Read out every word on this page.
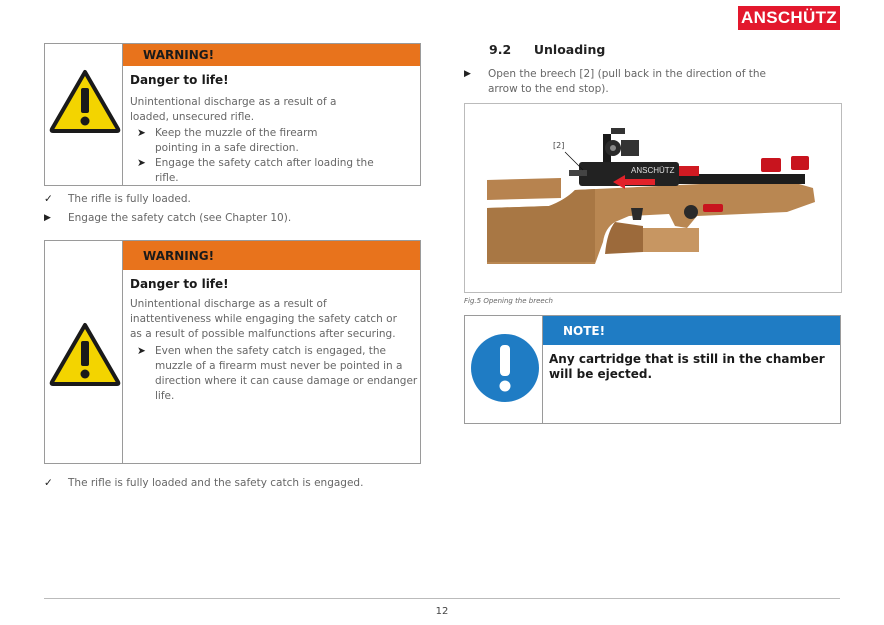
ANSCHÜTZ
WARNING!
Danger to life!
Unintentional discharge as a result of a loaded, unsecured rifle.
➤ Keep the muzzle of the firearm pointing in a safe direction.
➤ Engage the safety catch after loading the rifle.
✓	The rifle is fully loaded.
▶	Engage the safety catch (see Chapter 10).
WARNING!
Danger to life!
Unintentional discharge as a result of inattentiveness while engaging the safety catch or as a result of possible malfunctions after securing.
➤ Even when the safety catch is engaged, the muzzle of a firearm must never be pointed in a direction where it can cause damage or endanger life.
✓	The rifle is fully loaded and the safety catch is engaged.
9.2 Unloading
▶	Open the breech [2] (pull back in the direction of the arrow to the end stop).
ANSCHÜTZ
[2]
Fig.5 Opening the breech
NOTE!
Any cartridge that is still in the chamber will be ejected.
12
